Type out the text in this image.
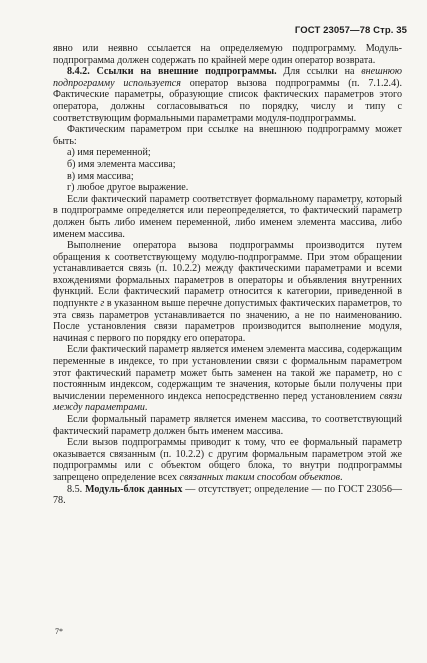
ГОСТ 23057—78 Стр. 35

явно или неявно ссылается на определяемую подпрограмму. Модуль-подпрограмма должен содержать по крайней мере один оператор возврата.

8.4.2. Ссылки на внешние подпрограммы. Для ссылки на внешнюю подпрограмму используется оператор вызова подпрограммы (п. 7.1.2.4). Фактические параметры, образующие список фактических параметров этого оператора, должны согласовываться по порядку, числу и типу с соответствующим формальными параметрами модуля-подпрограммы.

Фактическим параметром при ссылке на внешнюю подпрограмму может быть:

а) имя переменной;
б) имя элемента массива;
в) имя массива;
г) любое другое выражение.

Если фактический параметр соответствует формальному параметру, который в подпрограмме определяется или переопределяется, то фактический параметр должен быть либо именем переменной, либо именем элемента массива, либо именем массива.

Выполнение оператора вызова подпрограммы производится путем обращения к соответствующему модулю-подпрограмме. При этом обращении устанавливается связь (п. 10.2.2) между фактическими параметрами и всеми вхождениями формальных параметров в операторы и объявления внутренних функций. Если фактический параметр относится к категории, приведенной в подпункте г в указанном выше перечне допустимых фактических параметров, то эта связь параметров устанавливается по значению, а не по наименованию. После установления связи параметров производится выполнение модуля, начиная с первого по порядку его оператора.

Если фактический параметр является именем элемента массива, содержащим переменные в индексе, то при установлении связи с формальным параметром этот фактический параметр может быть заменен на такой же параметр, но с постоянным индексом, содержащим те значения, которые были получены при вычислении переменного индекса непосредственно перед установлением связи между параметрами.

Если формальный параметр является именем массива, то соответствующий фактический параметр должен быть именем массива.

Если вызов подпрограммы приводит к тому, что ее формальный параметр оказывается связанным (п. 10.2.2) с другим формальным параметром этой же подпрограммы или с объектом общего блока, то внутри подпрограммы запрещено определение всех связанных таким способом объектов.

8.5. Модуль-блок данных — отсутствует; определение — по ГОСТ 23056—78.

7*
